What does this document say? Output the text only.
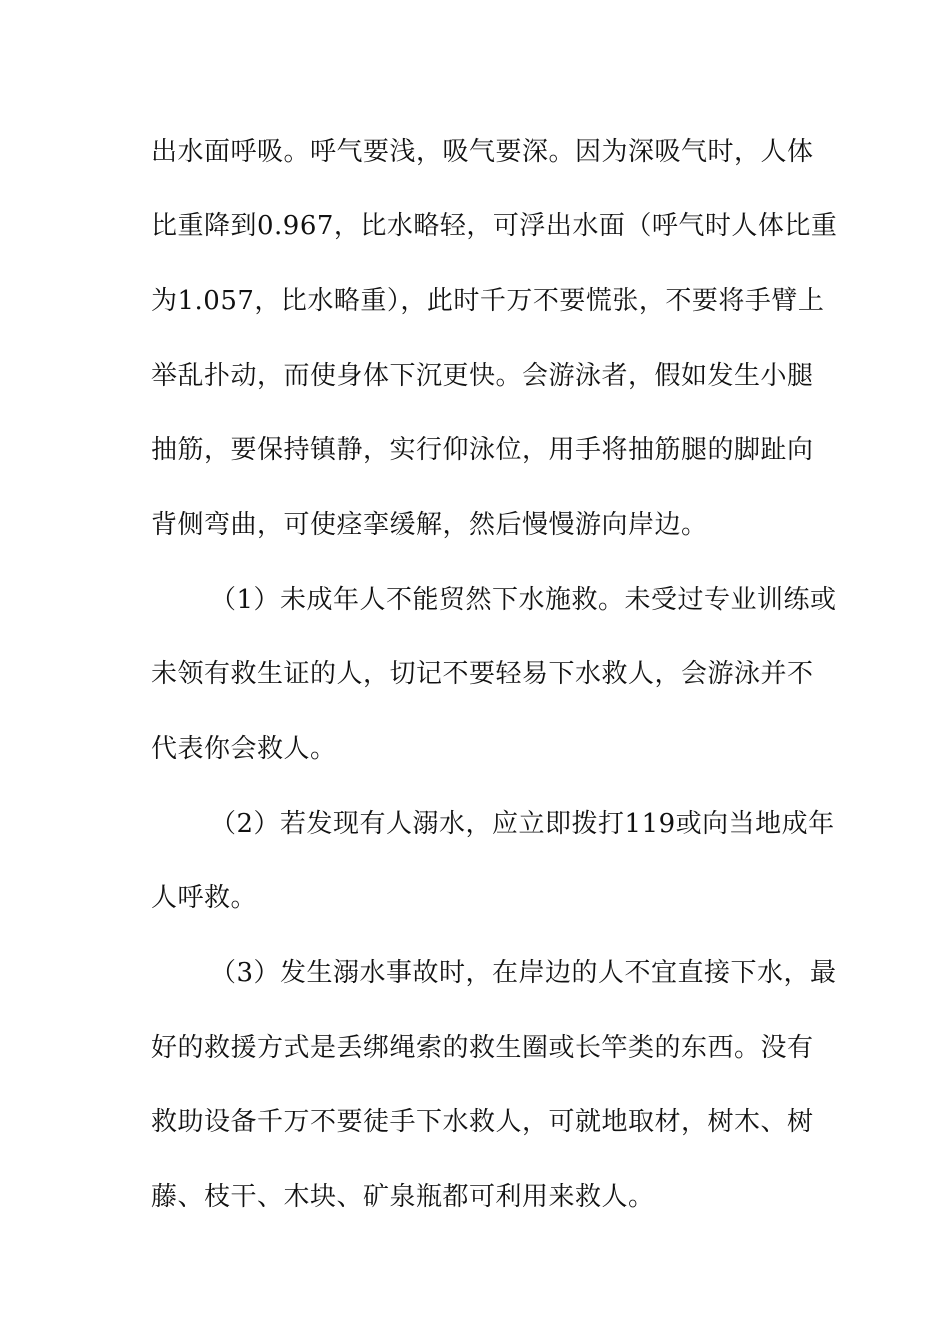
出水面呼吸。呼气要浅，吸气要深。因为深吸气时，人体
比重降到0.967，比水略轻，可浮出水面（呼气时人体比重
为1.057，比水略重），此时千万不要慌张，不要将手臂上
举乱扑动，而使身体下沉更快。会游泳者，假如发生小腿
抽筋，要保持镇静，实行仰泳位，用手将抽筋腿的脚趾向
背侧弯曲，可使痉挛缓解，然后慢慢游向岸边。
（1）未成年人不能贸然下水施救。未受过专业训练或
未领有救生证的人，切记不要轻易下水救人，会游泳并不
代表你会救人。
（2）若发现有人溺水，应立即拨打119或向当地成年
人呼救。
（3）发生溺水事故时，在岸边的人不宜直接下水，最
好的救援方式是丢绑绳索的救生圈或长竿类的东西。没有
救助设备千万不要徒手下水救人，可就地取材，树木、树
藤、枝干、木块、矿泉瓶都可利用来救人。
